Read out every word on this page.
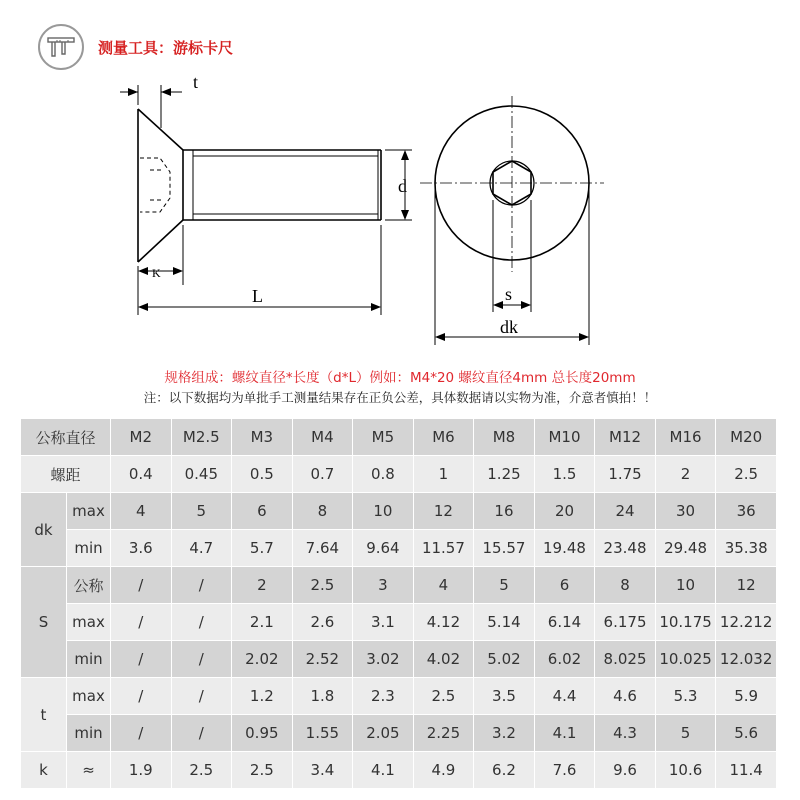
测量工具：游标卡尺
t
d
K
L	s
dk
规格组成：螺纹直径*长度（d*L）例如：M4*20 螺纹直径4mm 总长度20mm
注：以下数据均为单批手工测量结果存在正负公差，具体数据请以实物为准，介意者慎拍！！
公称直径		M2	M2.5	M3	M4	M5	M6	M8	M10	M12	M16	M20
螺距		0.4	0.45	0.5	0.7	0.8	1	1.25	1.5	1.75	2	2.5
dk	max	4	5	6	8	10	12	16	20	24	30	36
	min	3.6	4.7	5.7	7.64	9.64	11.57	15.57	19.48	23.48	29.48	35.38
S	公称	/	/	2	2.5	3	4	5	6	8	10	12
	max	/	/	2.1	2.6	3.1	4.12	5.14	6.14	6.175	10.175	12.212
	min	/	/	2.02	2.52	3.02	4.02	5.02	6.02	8.025	10.025	12.032
t	max	/	/	1.2	1.8	2.3	2.5	3.5	4.4	4.6	5.3	5.9
	min	/	/	0.95	1.55	2.05	2.25	3.2	4.1	4.3	5	5.6
k	≈	1.9	2.5	2.5	3.4	4.1	4.9	6.2	7.6	9.6	10.6	11.4
